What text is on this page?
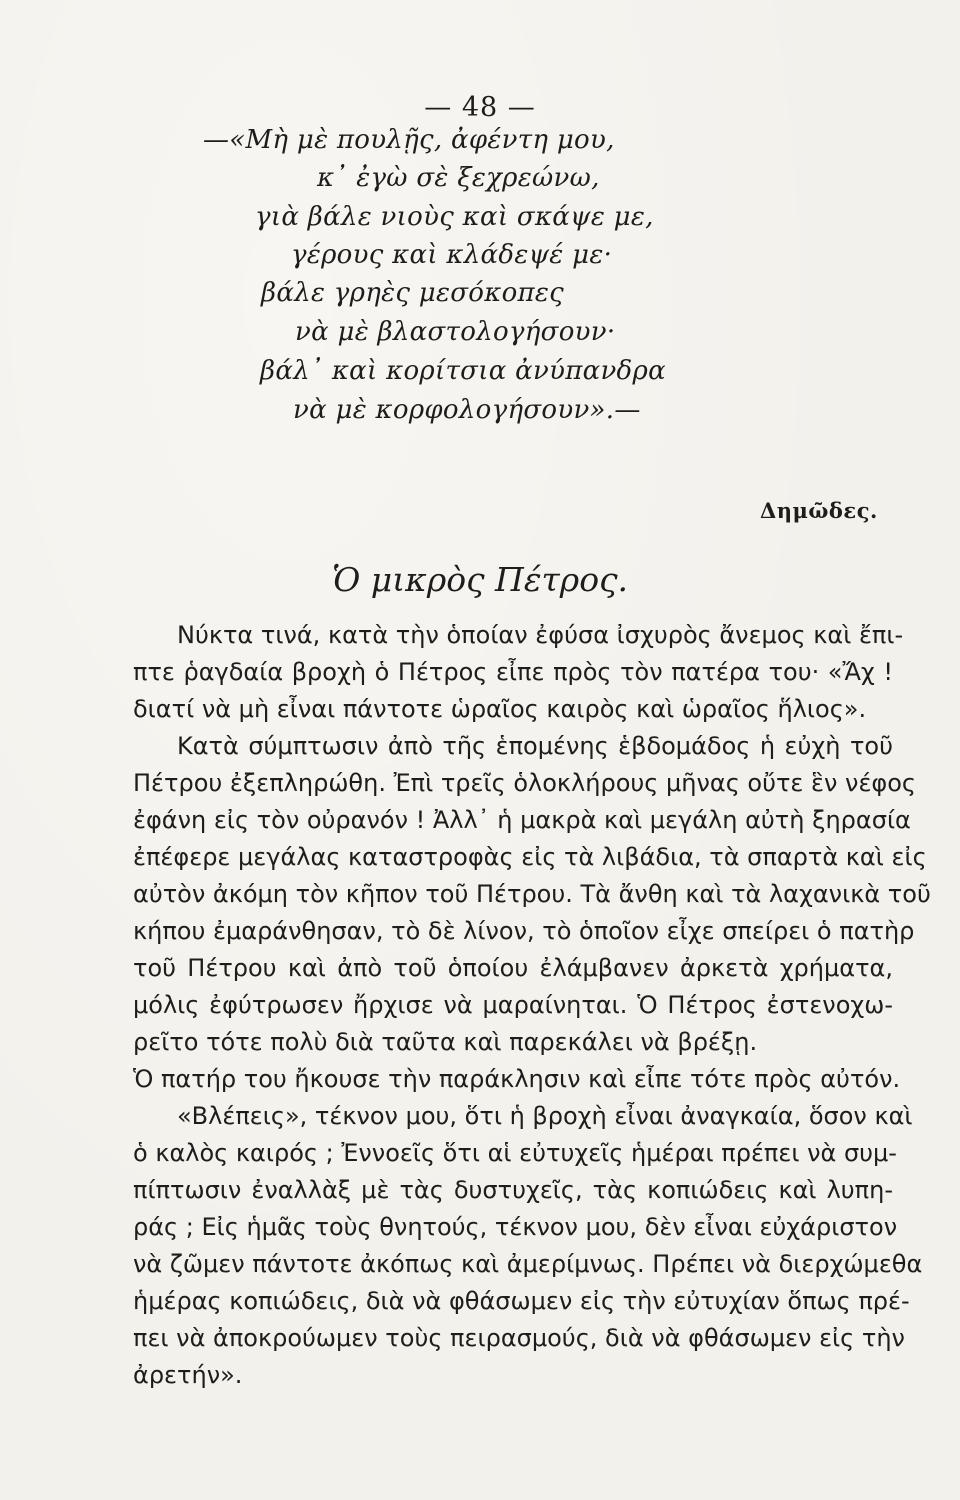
— 48 —
—«Μὴ μὲ πουλῇς, ἀφέντη μου,
κ᾽ ἐγὼ σὲ ξεχρεώνω,
γιὰ βάλε νιοὺς καὶ σκάψε με,
γέρους καὶ κλάδεψέ με·
βάλε γρηὲς μεσόκοπες
νὰ μὲ βλαστολογήσουν·
βάλ᾽ καὶ κορίτσια ἀνύπανδρα
νὰ μὲ κορφολογήσουν».—
Δημῶδες.
Ὁ μικρὸς Πέτρος.
Νύκτα τινά, κατὰ τὴν ὁποίαν ἐφύσα ἰσχυρὸς ἄνεμος καὶ ἔπι-
πτε ῥαγδαία βροχὴ ὁ Πέτρος εἶπε πρὸς τὸν πατέρα του· «Ἄχ !
διατί νὰ μὴ εἶναι πάντοτε ὡραῖος καιρὸς καὶ ὡραῖος ἥλιος».
Κατὰ σύμπτωσιν ἀπὸ τῆς ἑπομένης ἑβδομάδος ἡ εὐχὴ τοῦ
Πέτρου ἐξεπληρώθη. Ἐπὶ τρεῖς ὁλοκλήρους μῆνας οὔτε ἓν νέφος
ἐφάνη εἰς τὸν οὐρανόν ! Ἀλλ᾽ ἡ μακρὰ καὶ μεγάλη αὐτὴ ξηρασία
ἐπέφερε μεγάλας καταστροφὰς εἰς τὰ λιβάδια, τὰ σπαρτὰ καὶ εἰς
αὐτὸν ἀκόμη τὸν κῆπον τοῦ Πέτρου. Τὰ ἄνθη καὶ τὰ λαχανικὰ τοῦ
κήπου ἐμαράνθησαν, τὸ δὲ λίνον, τὸ ὁποῖον εἶχε σπείρει ὁ πατὴρ
τοῦ Πέτρου καὶ ἀπὸ τοῦ ὁποίου ἐλάμβανεν ἀρκετὰ χρήματα,
μόλις ἐφύτρωσεν ἤρχισε νὰ μαραίνηται. Ὁ Πέτρος ἐστενοχω-
ρεῖτο τότε πολὺ διὰ ταῦτα καὶ παρεκάλει νὰ βρέξῃ.
Ὁ πατήρ του ἤκουσε τὴν παράκλησιν καὶ εἶπε τότε πρὸς αὐτόν.
«Βλέπεις», τέκνον μου, ὅτι ἡ βροχὴ εἶναι ἀναγκαία, ὅσον καὶ
ὁ καλὸς καιρός ; Ἐννοεῖς ὅτι αἱ εὐτυχεῖς ἡμέραι πρέπει νὰ συμ-
πίπτωσιν ἐναλλὰξ μὲ τὰς δυστυχεῖς, τὰς κοπιώδεις καὶ λυπη-
ράς ; Εἰς ἡμᾶς τοὺς θνητούς, τέκνον μου, δὲν εἶναι εὐχάριστον
νὰ ζῶμεν πάντοτε ἀκόπως καὶ ἀμερίμνως. Πρέπει νὰ διερχώμεθα
ἡμέρας κοπιώδεις, διὰ νὰ φθάσωμεν εἰς τὴν εὐτυχίαν ὅπως πρέ-
πει νὰ ἀποκρούωμεν τοὺς πειρασμούς, διὰ νὰ φθάσωμεν εἰς τὴν
ἀρετήν».
